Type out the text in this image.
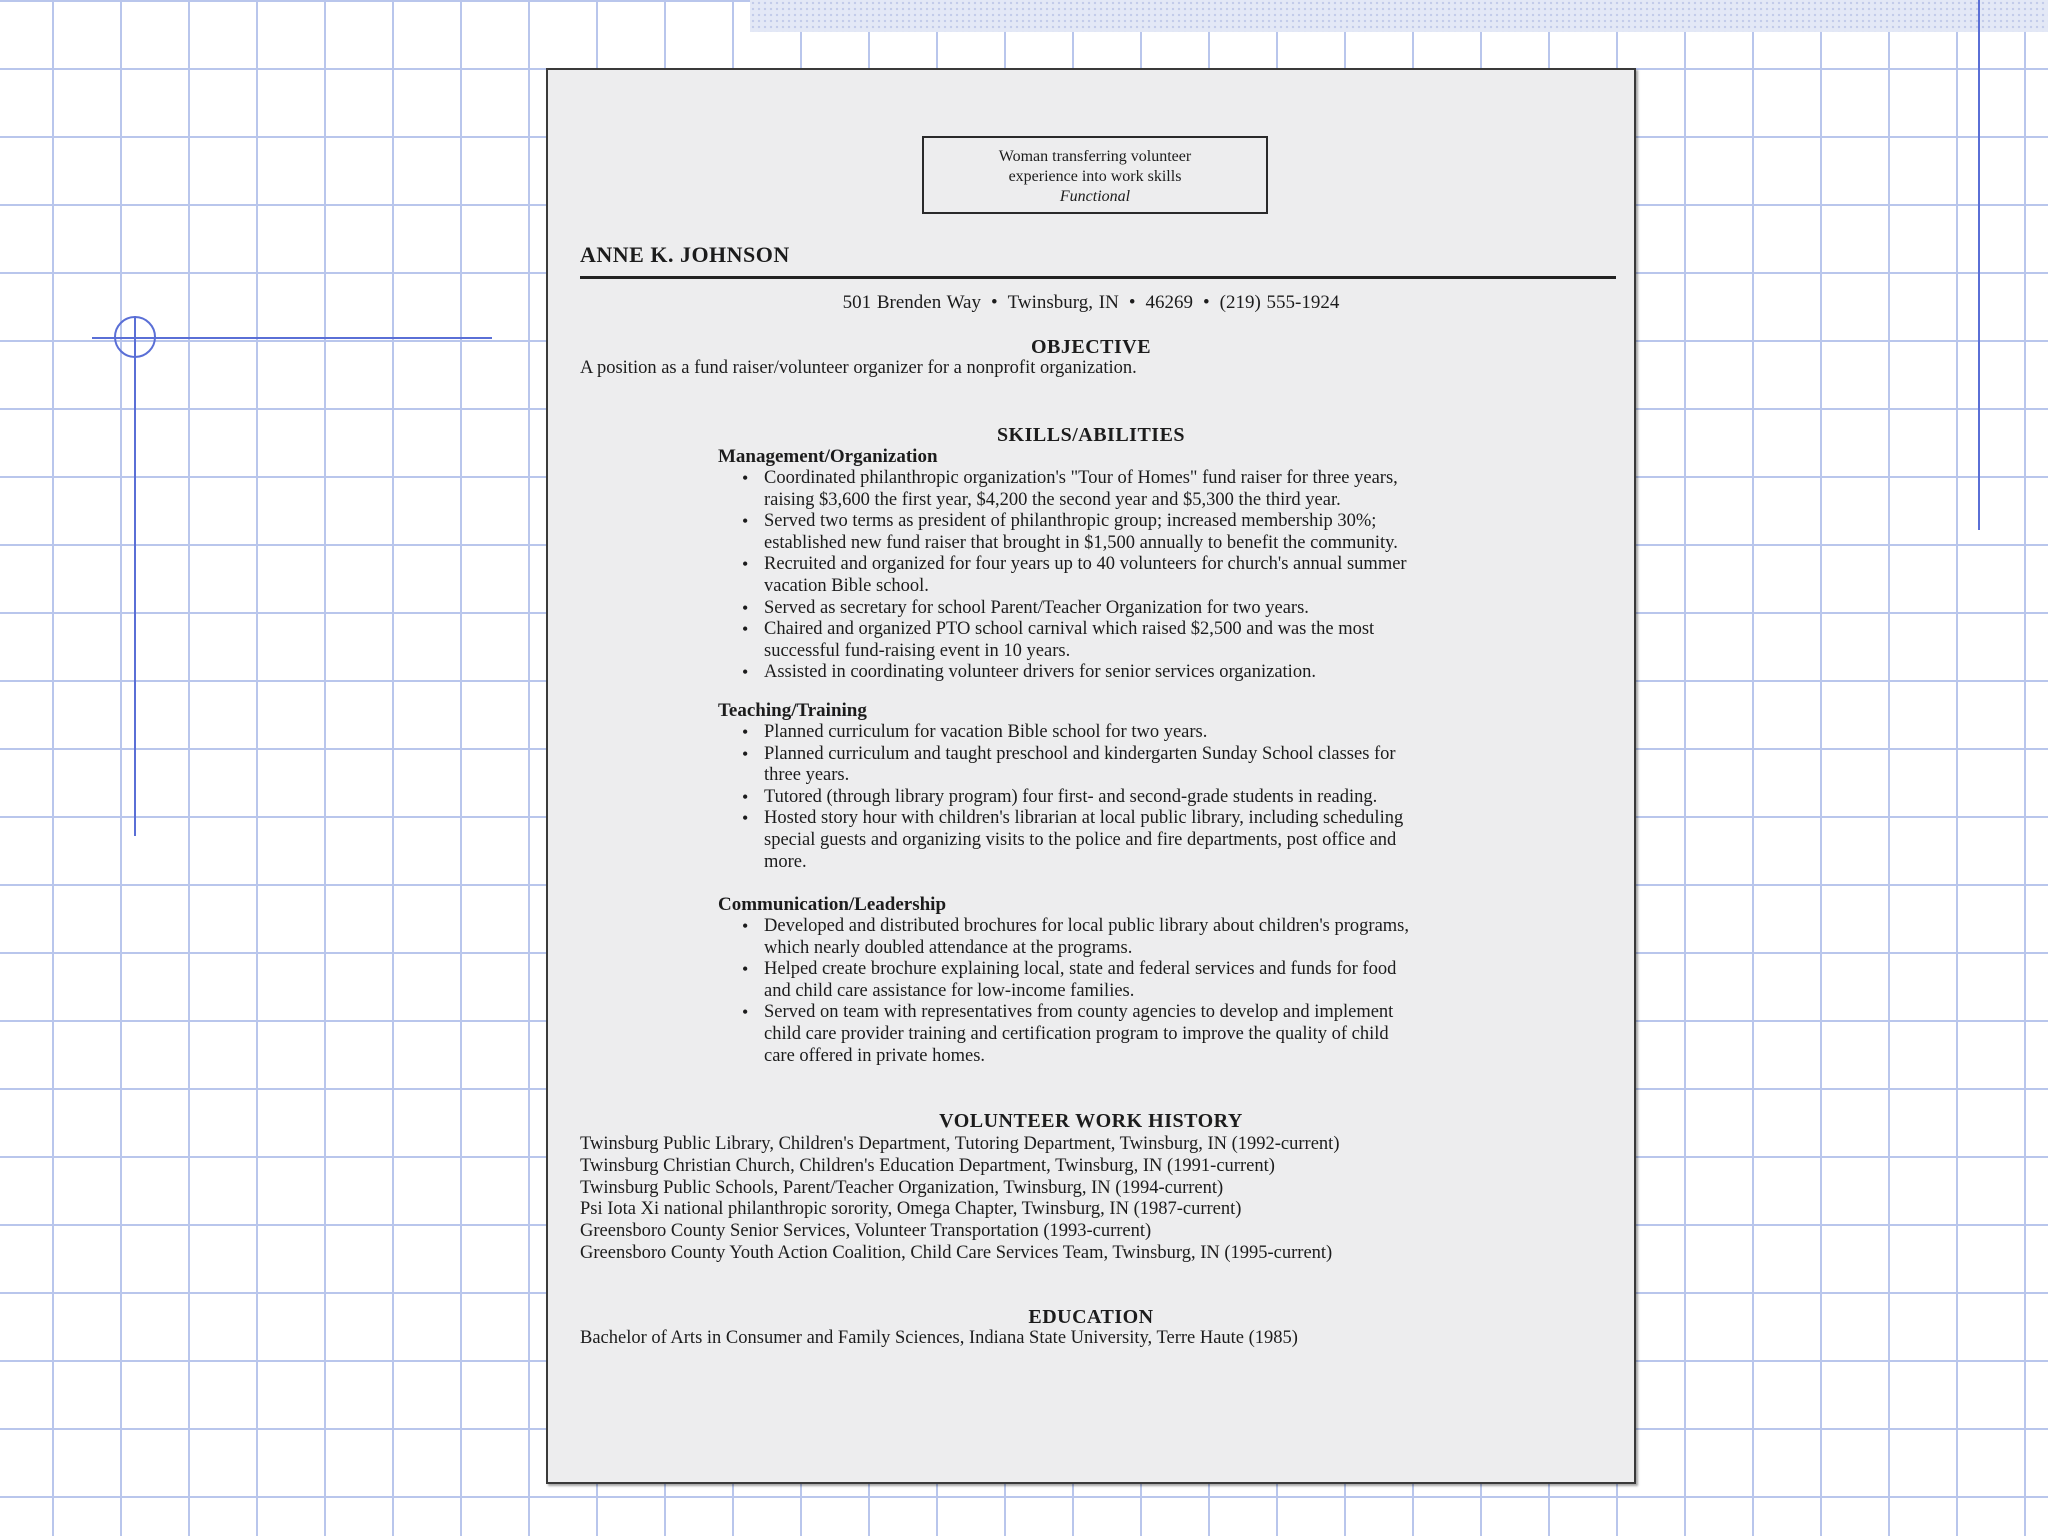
Woman transferring volunteer
experience into work skills
Functional

ANNE K. JOHNSON

501 Brenden Way • Twinsburg, IN • 46269 • (219) 555-1924

OBJECTIVE

A position as a fund raiser/volunteer organizer for a nonprofit organization.

SKILLS/ABILITIES

Management/Organization

• Coordinated philanthropic organization's "Tour of Homes" fund raiser for three years,
raising $3,600 the first year, $4,200 the second year and $5,300 the third year.
• Served two terms as president of philanthropic group; increased membership 30%;
established new fund raiser that brought in $1,500 annually to benefit the community.
• Recruited and organized for four years up to 40 volunteers for church's annual summer
vacation Bible school.
• Served as secretary for school Parent/Teacher Organization for two years.
• Chaired and organized PTO school carnival which raised $2,500 and was the most
successful fund-raising event in 10 years.
• Assisted in coordinating volunteer drivers for senior services organization.

Teaching/Training

• Planned curriculum for vacation Bible school for two years.
• Planned curriculum and taught preschool and kindergarten Sunday School classes for
three years.
• Tutored (through library program) four first- and second-grade students in reading.
• Hosted story hour with children's librarian at local public library, including scheduling
special guests and organizing visits to the police and fire departments, post office and
more.

Communication/Leadership

• Developed and distributed brochures for local public library about children's programs,
which nearly doubled attendance at the programs.
• Helped create brochure explaining local, state and federal services and funds for food
and child care assistance for low-income families.
• Served on team with representatives from county agencies to develop and implement
child care provider training and certification program to improve the quality of child
care offered in private homes.

VOLUNTEER WORK HISTORY

Twinsburg Public Library, Children's Department, Tutoring Department, Twinsburg, IN (1992-current)
Twinsburg Christian Church, Children's Education Department, Twinsburg, IN (1991-current)
Twinsburg Public Schools, Parent/Teacher Organization, Twinsburg, IN (1994-current)
Psi Iota Xi national philanthropic sorority, Omega Chapter, Twinsburg, IN (1987-current)
Greensboro County Senior Services, Volunteer Transportation (1993-current)
Greensboro County Youth Action Coalition, Child Care Services Team, Twinsburg, IN (1995-current)

EDUCATION

Bachelor of Arts in Consumer and Family Sciences, Indiana State University, Terre Haute (1985)
